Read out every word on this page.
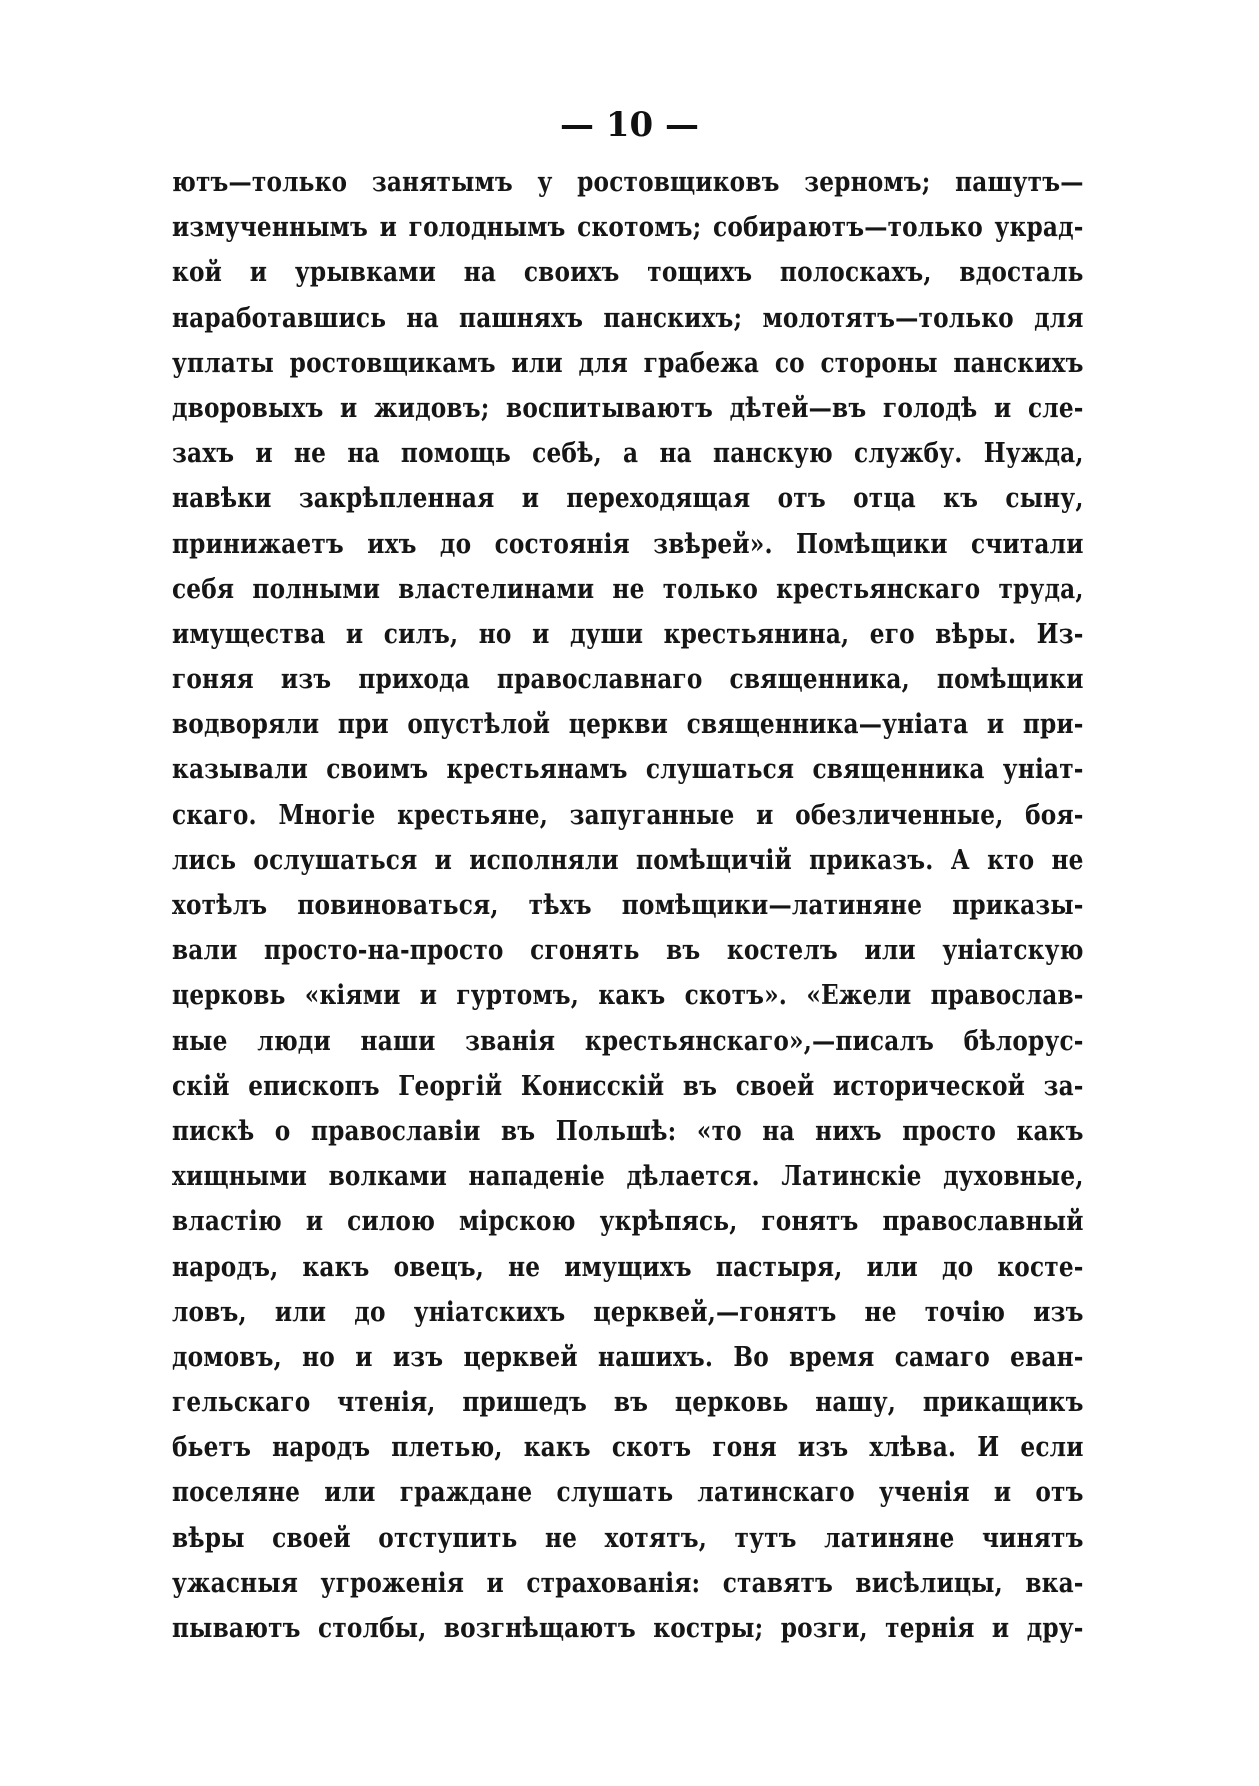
— 10 —
ютъ—только занятымъ у ростовщиковъ зерномъ; пашутъ—
измученнымъ и голоднымъ скотомъ; собираютъ—только украд-
кой и урывками на своихъ тощихъ полоскахъ, вдосталь
наработавшись на пашняхъ панскихъ; молотятъ—только для
уплаты ростовщикамъ или для грабежа со стороны панскихъ
дворовыхъ и жидовъ; воспитываютъ дѣтей—въ голодѣ и сле-
захъ и не на помощь себѣ, а на панскую службу. Нужда,
навѣки закрѣпленная и переходящая отъ отца къ сыну,
принижаетъ ихъ до состоянія звѣрей». Помѣщики считали
себя полными властелинами не только крестьянскаго труда,
имущества и силъ, но и души крестьянина, его вѣры. Из-
гоняя изъ прихода православнаго священника, помѣщики
водворяли при опустѣлой церкви священника—уніата и при-
казывали своимъ крестьянамъ слушаться священника уніат-
скаго. Многіе крестьяне, запуганные и обезличенные, боя-
лись ослушаться и исполняли помѣщичій приказъ. А кто не
хотѣлъ повиноваться, тѣхъ помѣщики—латиняне приказы-
вали просто-на-просто сгонять въ костелъ или уніатскую
церковь «кіями и гуртомъ, какъ скотъ». «Ежели православ-
ные люди наши званія крестьянскаго»,—писалъ бѣлорус-
скій епископъ Георгій Конисскій въ своей исторической за-
пискѣ о православіи въ Польшѣ: «то на нихъ просто какъ
хищными волками нападеніе дѣлается. Латинскіе духовные,
властію и силою мірскою укрѣпясь, гонятъ православный
народъ, какъ овецъ, не имущихъ пастыря, или до косте-
ловъ, или до уніатскихъ церквей,—гонятъ не точію изъ
домовъ, но и изъ церквей нашихъ. Во время самаго еван-
гельскаго чтенія, пришедъ въ церковь нашу, прикащикъ
бьетъ народъ плетью, какъ скотъ гоня изъ хлѣва. И если
поселяне или граждане слушать латинскаго ученія и отъ
вѣры своей отступить не хотятъ, тутъ латиняне чинятъ
ужасныя угроженія и страхованія: ставятъ висѣлицы, вка-
пываютъ столбы, возгнѣщаютъ костры; розги, тернія и дру-
